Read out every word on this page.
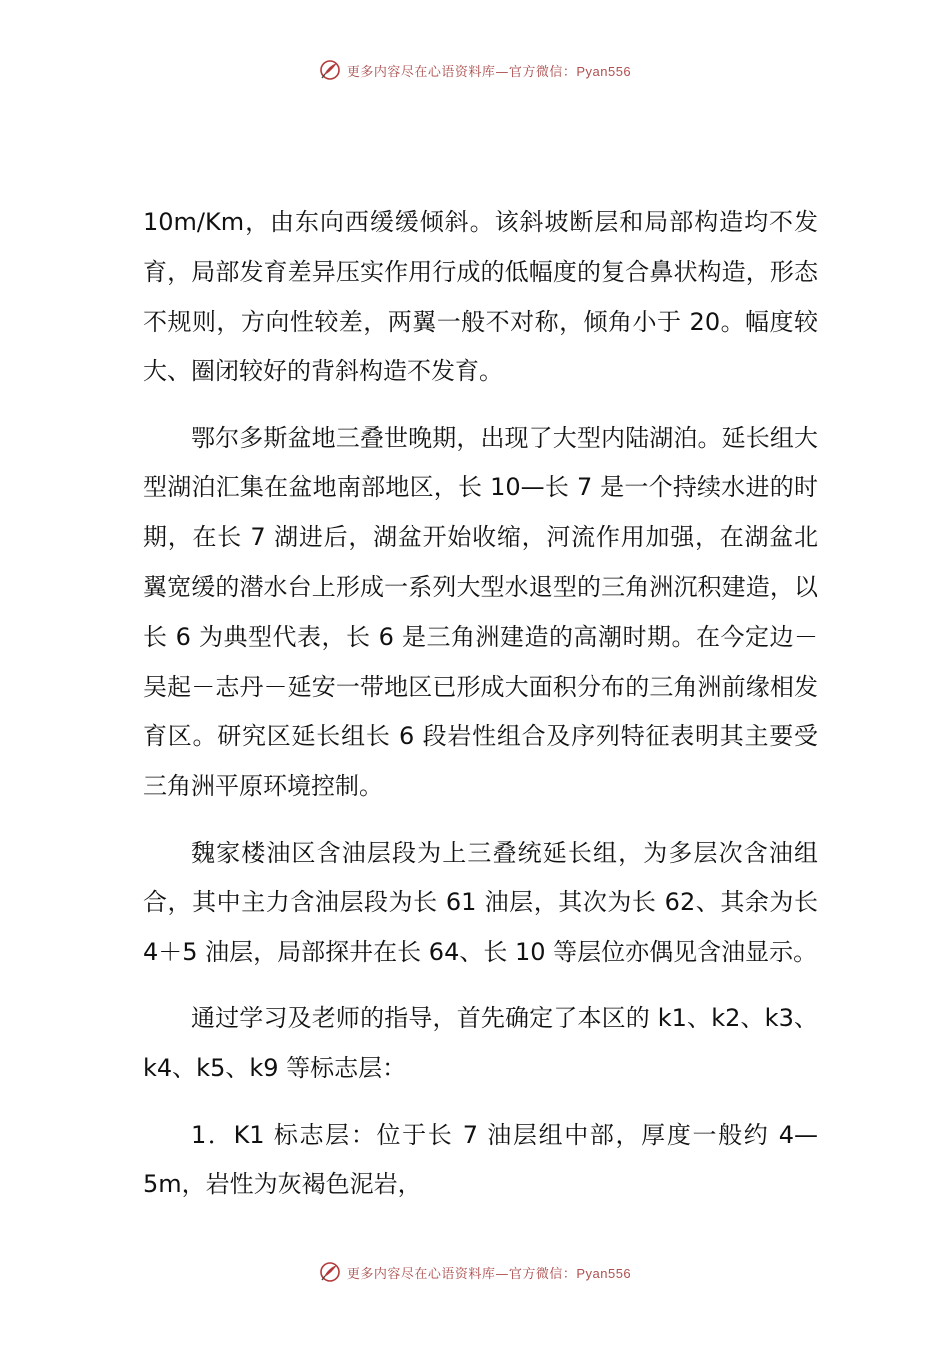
更多内容尽在心语资料库—官方微信：Pyan556

10m/Km，由东向西缓缓倾斜。该斜坡断层和局部构造均不发育，局部发育差异压实作用行成的低幅度的复合鼻状构造，形态不规则，方向性较差，两翼一般不对称，倾角小于 20。幅度较大、圈闭较好的背斜构造不发育。

鄂尔多斯盆地三叠世晚期，出现了大型内陆湖泊。延长组大型湖泊汇集在盆地南部地区，长 10—长 7 是一个持续水进的时期，在长 7 湖进后，湖盆开始收缩，河流作用加强，在湖盆北翼宽缓的潜水台上形成一系列大型水退型的三角洲沉积建造，以长 6 为典型代表，长 6 是三角洲建造的高潮时期。在今定边－吴起－志丹－延安一带地区已形成大面积分布的三角洲前缘相发育区。研究区延长组长 6 段岩性组合及序列特征表明其主要受三角洲平原环境控制。

魏家楼油区含油层段为上三叠统延长组，为多层次含油组合，其中主力含油层段为长 61 油层，其次为长 62、其余为长 4＋5 油层，局部探井在长 64、长 10 等层位亦偶见含油显示。

通过学习及老师的指导，首先确定了本区的 k1、k2、k3、k4、k5、k9 等标志层：

1．K1 标志层：位于长 7 油层组中部，厚度一般约 4—5m，岩性为灰褐色泥岩，

更多内容尽在心语资料库—官方微信：Pyan556
